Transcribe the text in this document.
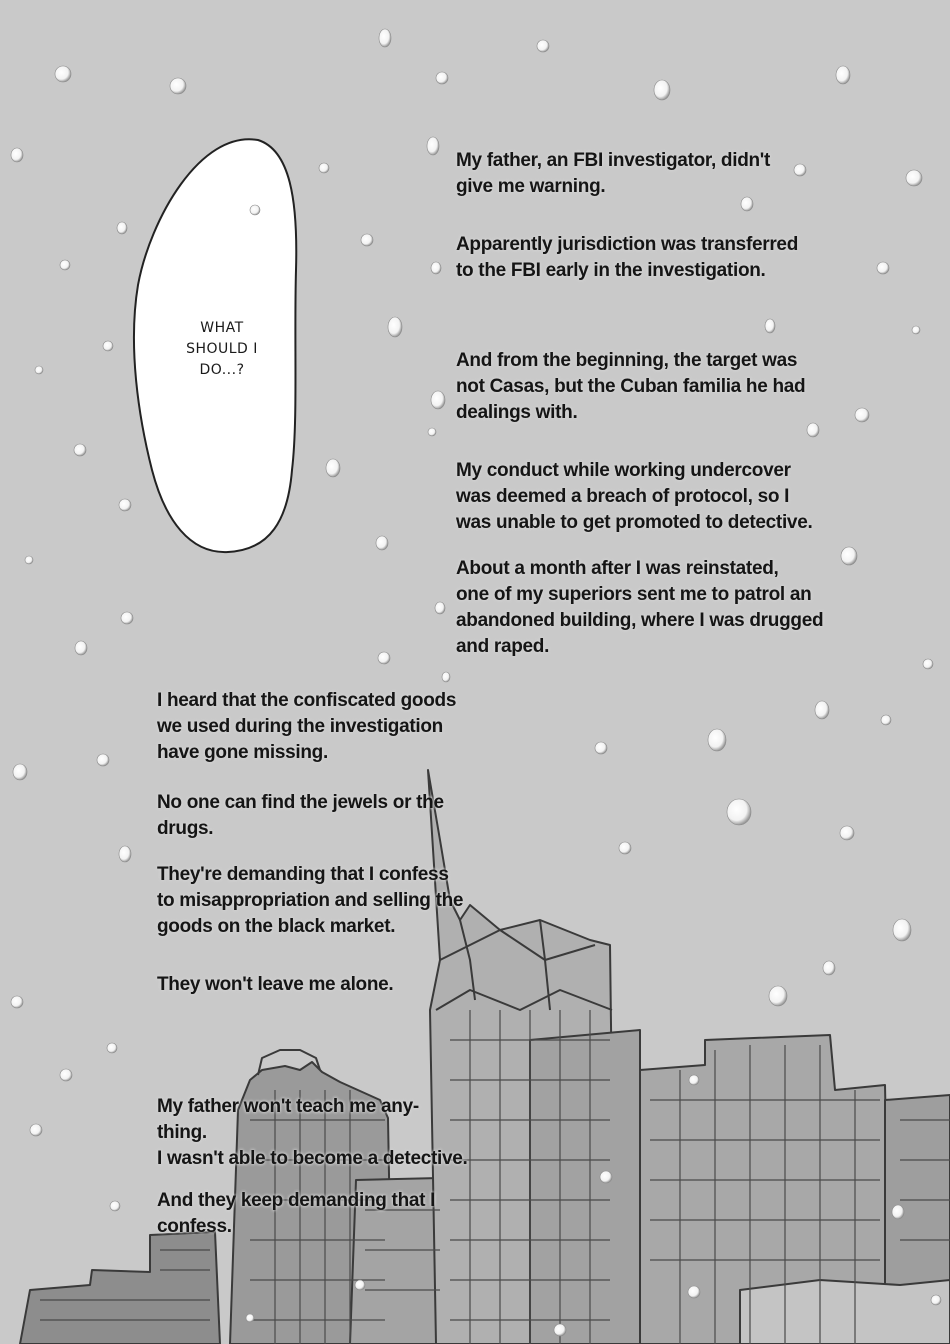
WHAT
SHOULD I
DO...?
My father, an FBI investigator, didn't
give me warning.
Apparently jurisdiction was transferred
to the FBI early in the investigation.
And from the beginning, the target was
not Casas, but the Cuban familia he had
dealings with.
My conduct while working undercover
was deemed a breach of protocol, so I
was unable to get promoted to detective.
About a month after I was reinstated,
one of my superiors sent me to patrol an
abandoned building, where I was drugged
and raped.
I heard that the confiscated goods
we used during the investigation
have gone missing.
No one can find the jewels or the
drugs.
They're demanding that I confess
to misappropriation and selling the
goods on the black market.
They won't leave me alone.
My father won't teach me any-
thing.
I wasn't able to become a detective.
And they keep demanding that I
confess.
